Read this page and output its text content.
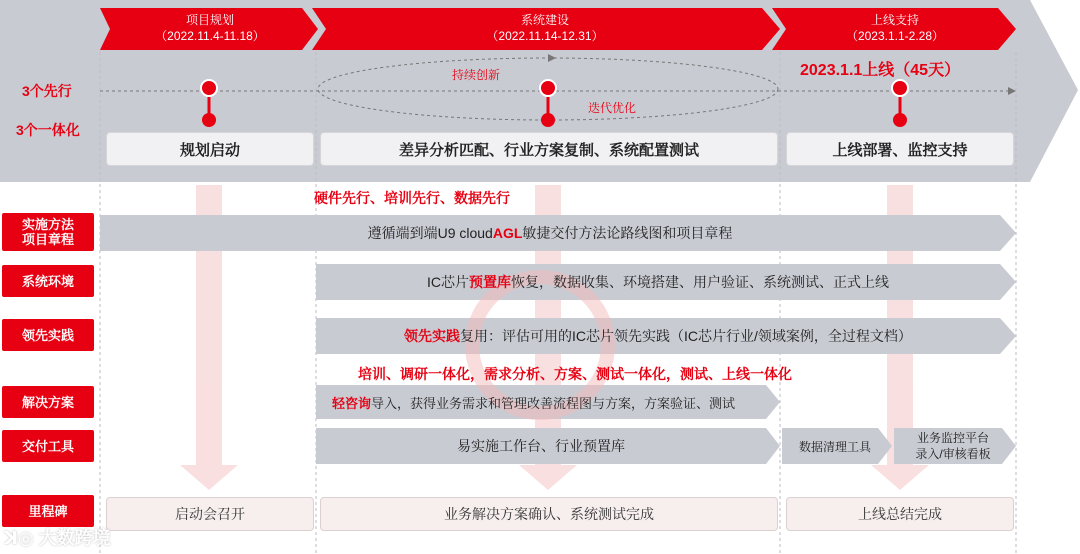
项目规划
（2022.11.4-11.18）
系统建设
（2022.11.14-12.31）
上线支持
（2023.1.1-2.28）
3个先行
3个一体化
持续创新
迭代优化
2023.1.1上线（45天）
规划启动	差异分析匹配、行业方案复制、系统配置测试	上线部署、监控支持
硬件先行、培训先行、数据先行
实施方法
项目章程
系统环境
领先实践
解决方案
交付工具
里程碑
遵循端到端U9 cloud AGL 敏捷交付方法论路线图和项目章程
IC芯片 预置库 恢复，数据收集、环境搭建、用户验证、系统测试、正式上线
领先实践 复用：评估可用的IC芯片领先实践（IC芯片行业/领域案例，全过程文档）
培训、调研一体化，需求分析、方案、测试一体化，测试、上线一体化
轻咨询 导入，获得业务需求和管理改善流程图与方案，方案验证、测试
易实施工作台、行业预置库	数据清理工具
业务监控平台
录入/审核看板
启动会召开	业务解决方案确认、系统测试完成	上线总结完成
ꓘ◎ 大数跨境
